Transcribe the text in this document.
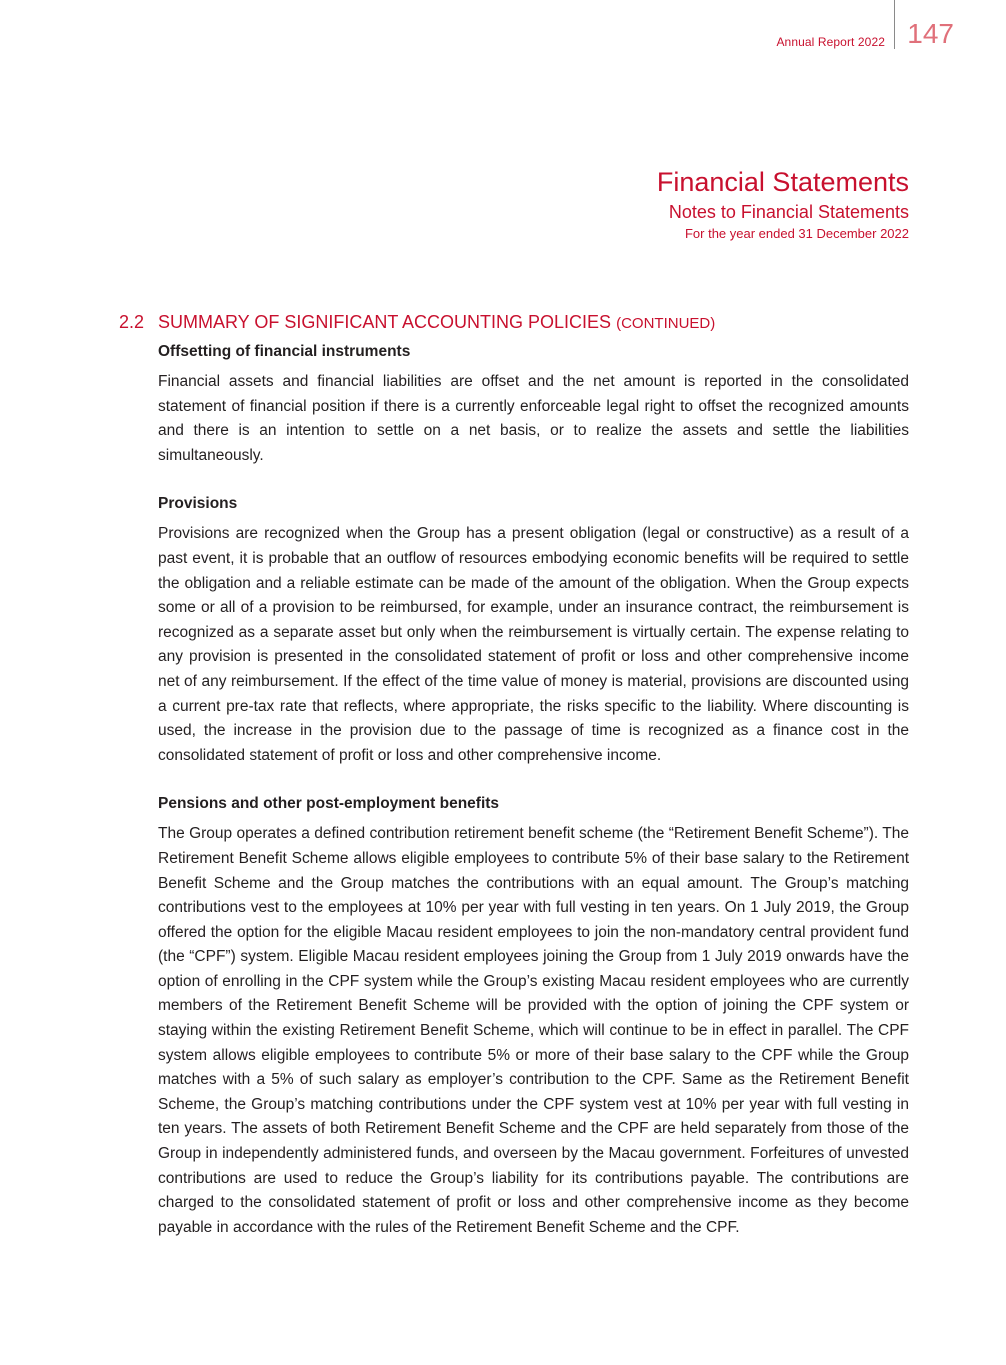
Annual Report 2022 147
Financial Statements
Notes to Financial Statements
For the year ended 31 December 2022
2.2 SUMMARY OF SIGNIFICANT ACCOUNTING POLICIES (CONTINUED)
Offsetting of financial instruments

Financial assets and financial liabilities are offset and the net amount is reported in the consolidated statement of financial position if there is a currently enforceable legal right to offset the recognized amounts and there is an intention to settle on a net basis, or to realize the assets and settle the liabilities simultaneously.

Provisions

Provisions are recognized when the Group has a present obligation (legal or constructive) as a result of a past event, it is probable that an outflow of resources embodying economic benefits will be required to settle the obligation and a reliable estimate can be made of the amount of the obligation. When the Group expects some or all of a provision to be reimbursed, for example, under an insurance contract, the reimbursement is recognized as a separate asset but only when the reimbursement is virtually certain. The expense relating to any provision is presented in the consolidated statement of profit or loss and other comprehensive income net of any reimbursement. If the effect of the time value of money is material, provisions are discounted using a current pre-tax rate that reflects, where appropriate, the risks specific to the liability. Where discounting is used, the increase in the provision due to the passage of time is recognized as a finance cost in the consolidated statement of profit or loss and other comprehensive income.

Pensions and other post-employment benefits

The Group operates a defined contribution retirement benefit scheme (the “Retirement Benefit Scheme”). The Retirement Benefit Scheme allows eligible employees to contribute 5% of their base salary to the Retirement Benefit Scheme and the Group matches the contributions with an equal amount. The Group’s matching contributions vest to the employees at 10% per year with full vesting in ten years. On 1 July 2019, the Group offered the option for the eligible Macau resident employees to join the non-mandatory central provident fund (the “CPF”) system. Eligible Macau resident employees joining the Group from 1 July 2019 onwards have the option of enrolling in the CPF system while the Group’s existing Macau resident employees who are currently members of the Retirement Benefit Scheme will be provided with the option of joining the CPF system or staying within the existing Retirement Benefit Scheme, which will continue to be in effect in parallel. The CPF system allows eligible employees to contribute 5% or more of their base salary to the CPF while the Group matches with a 5% of such salary as employer’s contribution to the CPF. Same as the Retirement Benefit Scheme, the Group’s matching contributions under the CPF system vest at 10% per year with full vesting in ten years. The assets of both Retirement Benefit Scheme and the CPF are held separately from those of the Group in independently administered funds, and overseen by the Macau government. Forfeitures of unvested contributions are used to reduce the Group’s liability for its contributions payable. The contributions are charged to the consolidated statement of profit or loss and other comprehensive income as they become payable in accordance with the rules of the Retirement Benefit Scheme and the CPF.
